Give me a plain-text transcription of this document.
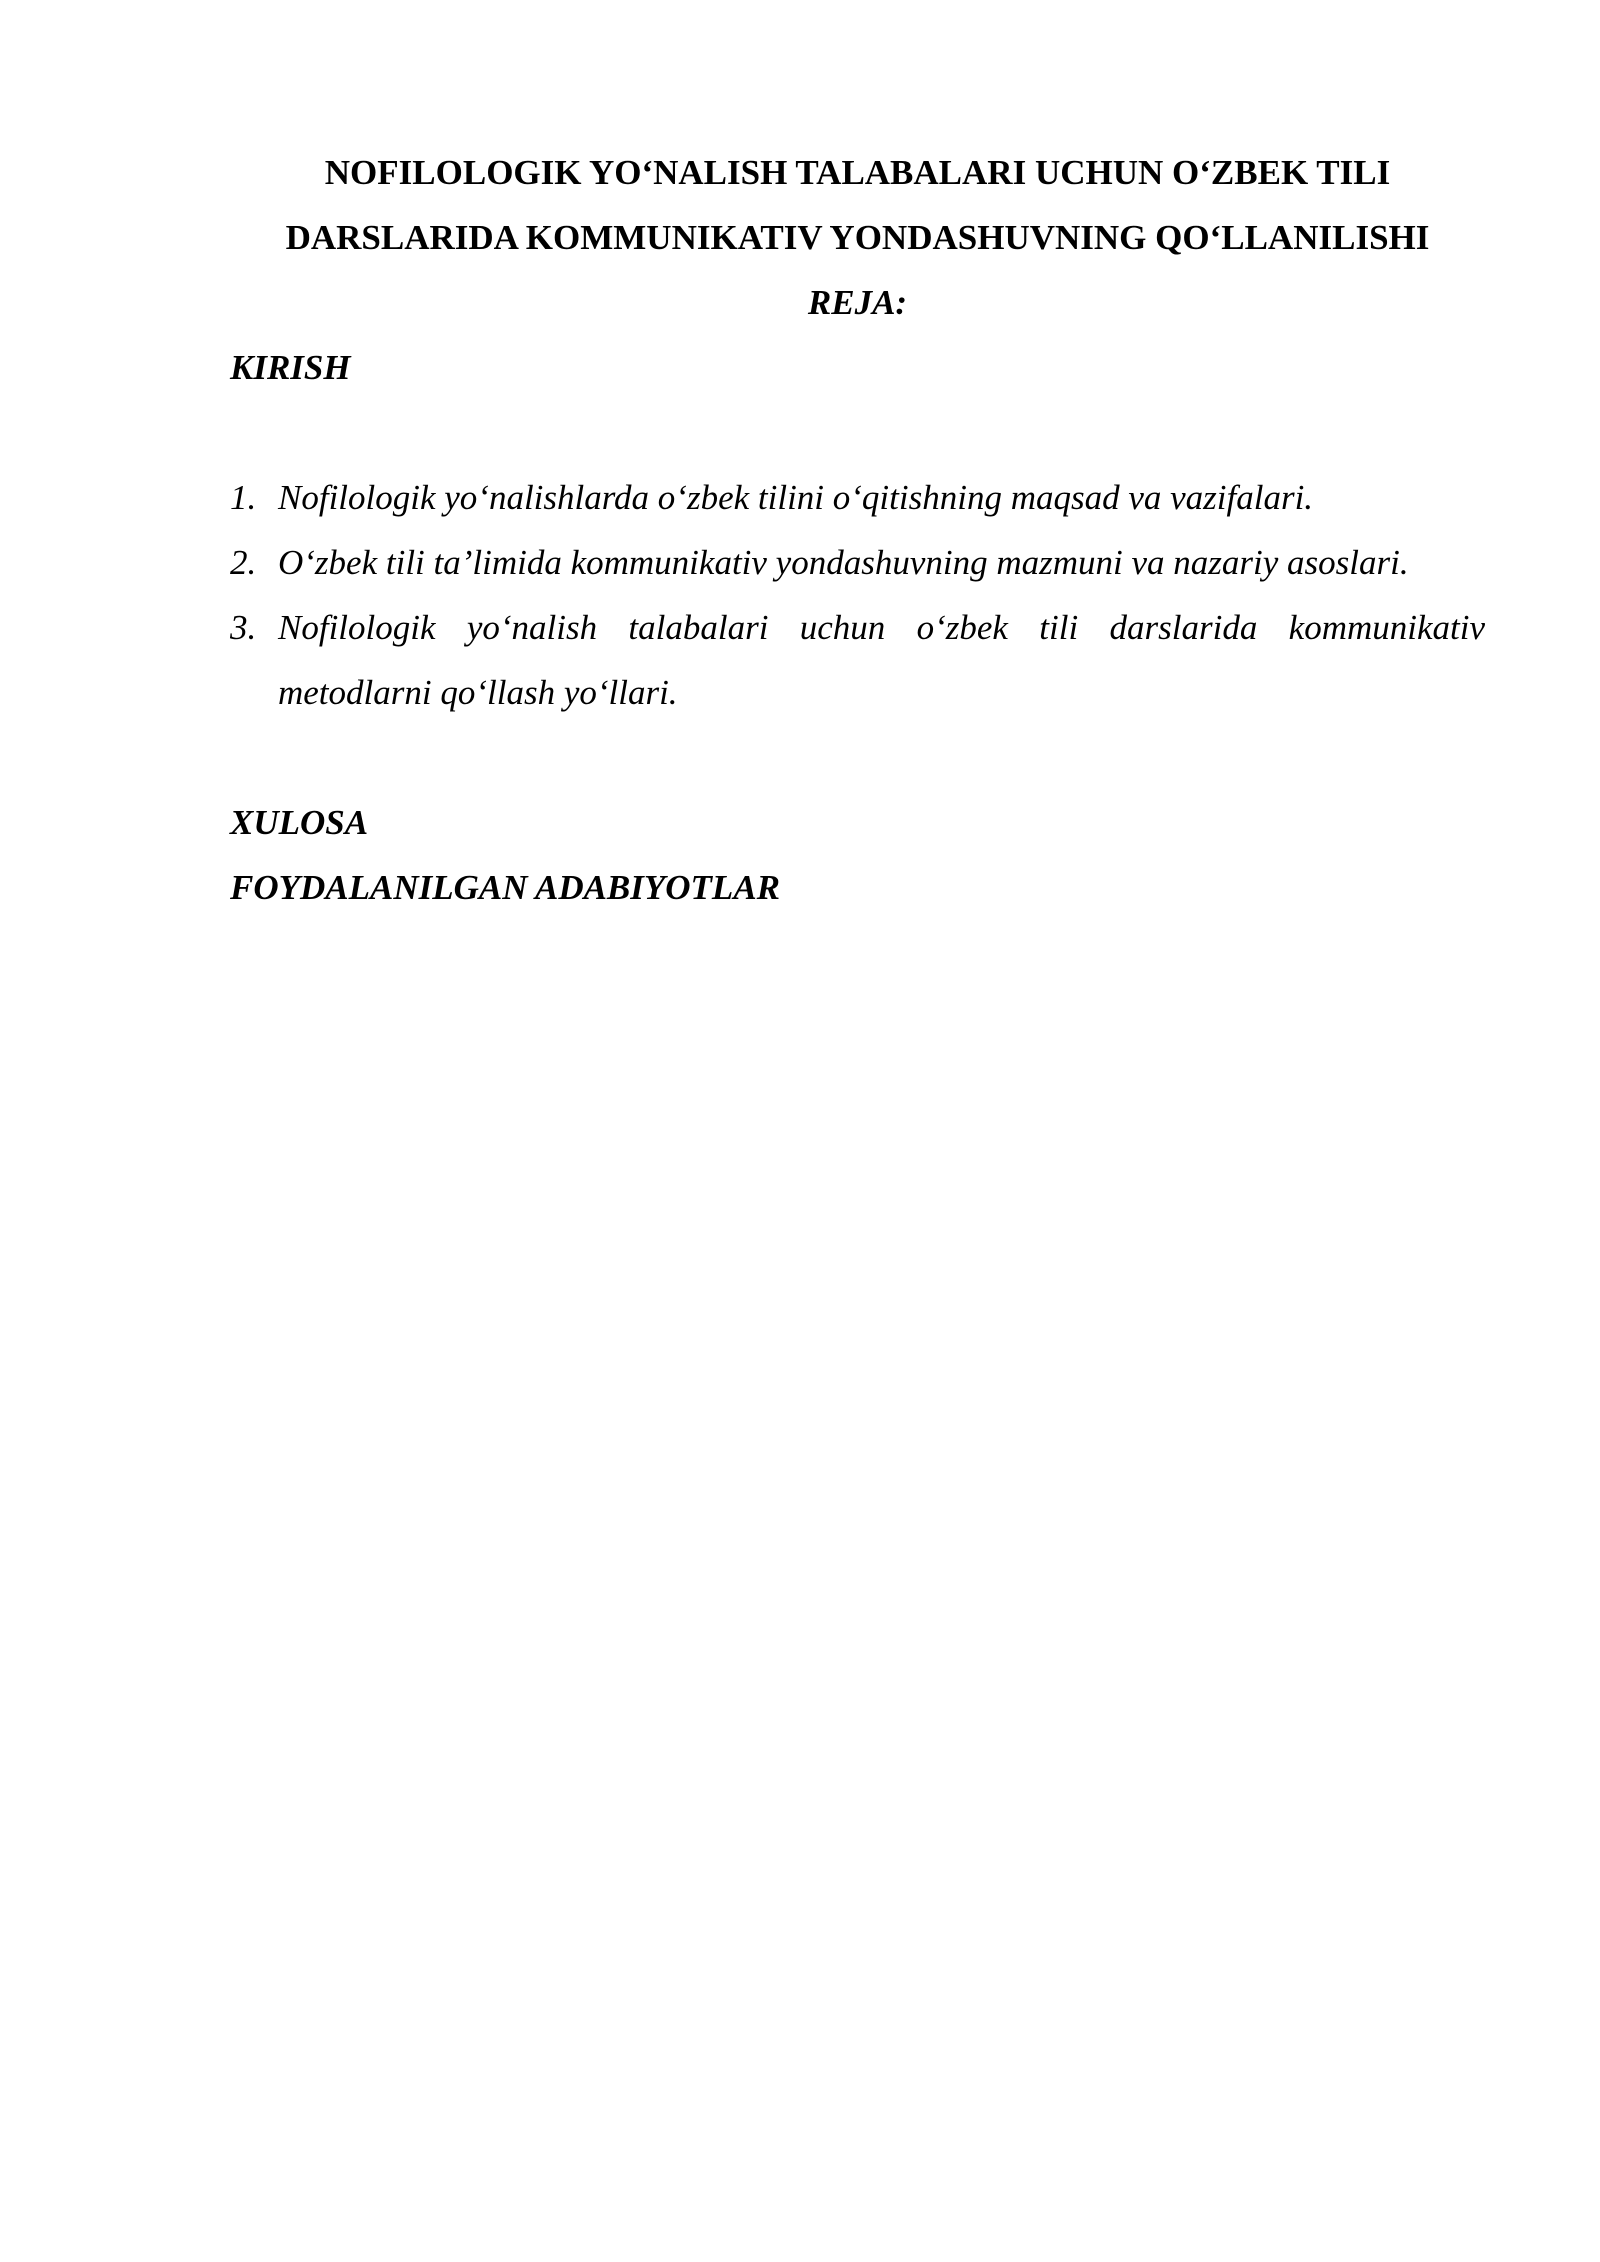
NOFILOLOGIK YO‘NALISH TALABALARI UCHUN O‘ZBEK TILI
DARSLARIDA KOMMUNIKATIV YONDASHUVNING QO‘LLANILISHI

REJA:

KIRISH

1. Nofilologik yo‘nalishlarda o‘zbek tilini o‘qitishning maqsad va vazifalari.
2. O‘zbek tili ta’limida kommunikativ yondashuvning mazmuni va nazariy asoslari.
3. Nofilologik yo‘nalish talabalari uchun o‘zbek tili darslarida kommunikativ metodlarni qo‘llash yo‘llari.

XULOSA

FOYDALANILGAN ADABIYOTLAR
